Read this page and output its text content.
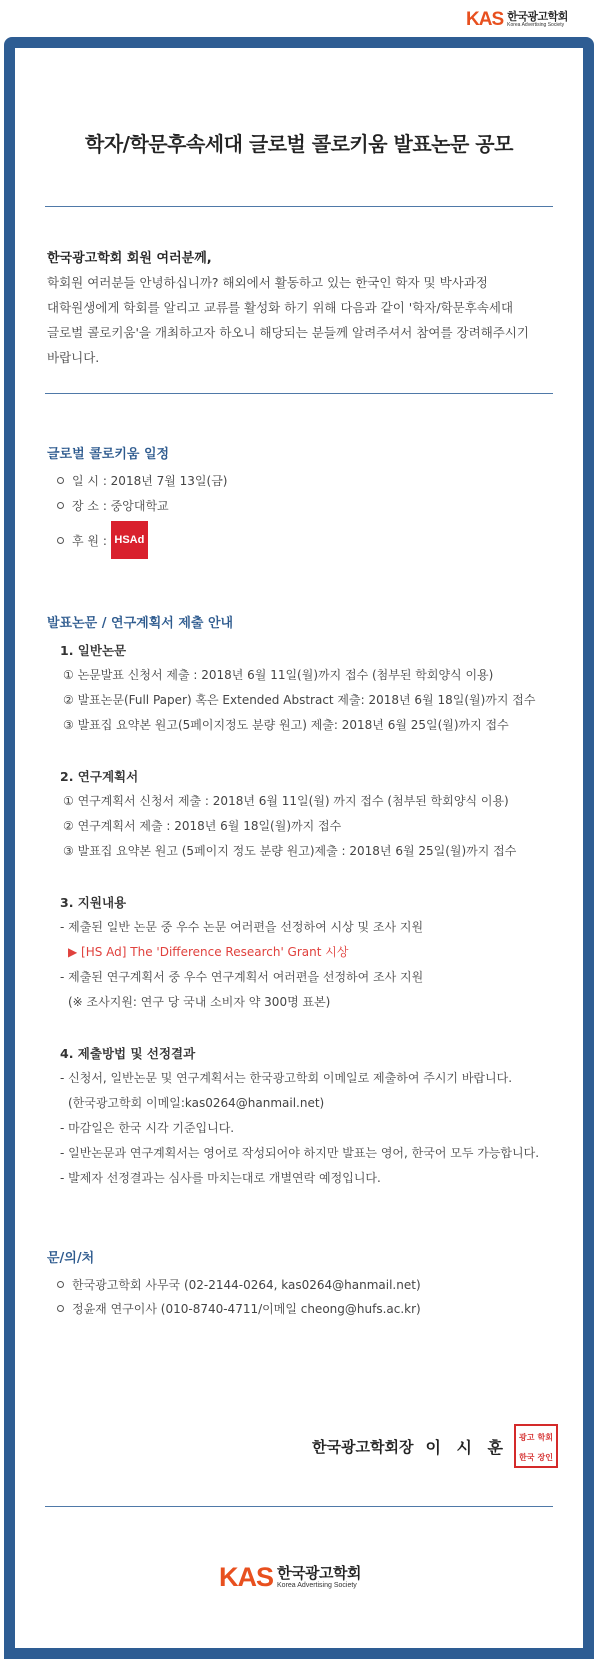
KAS 한국광고학회
Korea Advertising Society
학자/학문후속세대 글로벌 콜로키움 발표논문 공모
한국광고학회 회원 여러분께,
학회원 여러분들 안녕하십니까? 해외에서 활동하고 있는 한국인 학자 및 박사과정
대학원생에게 학회를 알리고 교류를 활성화 하기 위해 다음과 같이 '학자/학문후속세대
글로벌 콜로키움'을 개최하고자 하오니 해당되는 분들께 알려주셔서 참여를 장려해주시기
바랍니다.
글로벌 콜로키움 일정
일 시 : 2018년 7월 13일(금)
장 소 : 중앙대학교
후 원 : HSAd
발표논문 / 연구계획서 제출 안내
1. 일반논문
① 논문발표 신청서 제출 : 2018년 6월 11일(월)까지 접수 (첨부된 학회양식 이용)
② 발표논문(Full Paper) 혹은 Extended Abstract 제출: 2018년 6월 18일(월)까지 접수
③ 발표집 요약본 원고(5페이지정도 분량 원고) 제출: 2018년 6월 25일(월)까지 접수
2. 연구계획서
① 연구계획서 신청서 제출 : 2018년 6월 11일(월) 까지 접수 (첨부된 학회양식 이용)
② 연구계획서 제출 : 2018년 6월 18일(월)까지 접수
③ 발표집 요약본 원고 (5페이지 정도 분량 원고)제출 : 2018년 6월 25일(월)까지 접수
3. 지원내용
- 제출된 일반 논문 중 우수 논문 여러편을 선정하여 시상 및 조사 지원
▶ [HS Ad] The 'Difference Research' Grant 시상
- 제출된 연구계획서 중 우수 연구계획서 여러편을 선정하여 조사 지원
(※ 조사지원: 연구 당 국내 소비자 약 300명 표본)
4. 제출방법 및 선정결과
- 신청서, 일반논문 및 연구계획서는 한국광고학회 이메일로 제출하여 주시기 바랍니다.
(한국광고학회 이메일:kas0264@hanmail.net)
- 마감일은 한국 시각 기준입니다.
- 일반논문과 연구계획서는 영어로 작성되어야 하지만 발표는 영어, 한국어 모두 가능합니다.
- 발제자 선정결과는 심사를 마치는대로 개별연락 예정입니다.
문/의/처
한국광고학회 사무국 (02-2144-0264, kas0264@hanmail.net)
정윤재 연구이사 (010-8740-4711/이메일 cheong@hufs.ac.kr)
한국광고학회장 이 시 훈 광고 학회
한국 장인
KAS 한국광고학회
Korea Advertising Society
